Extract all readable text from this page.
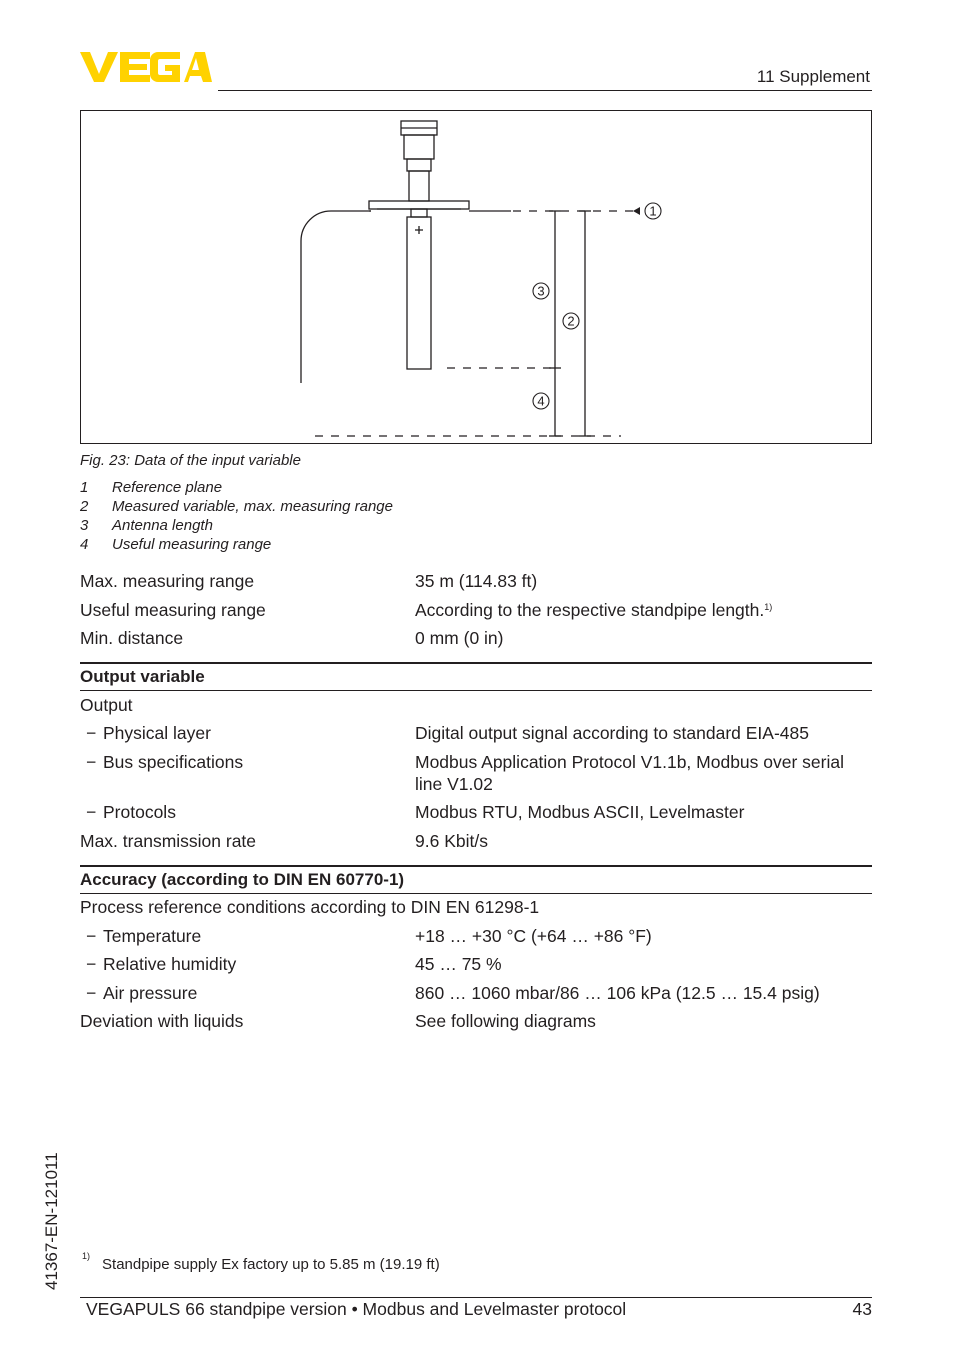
11 Supplement
1
2
3
4
Fig. 23: Data of the input variable
1	Reference plane
2	Measured variable, max. measuring range
3	Antenna length
4	Useful measuring range
Max. measuring range	35 m (114.83 ft)
Useful measuring range	According to the respective standpipe length.$^{1)}$
Min. distance	0 mm (0 in)
Output variable
Output
− Physical layer	Digital output signal according to standard EIA-485
− Bus specifications	Modbus Application Protocol V1.1b, Modbus over serial line V1.02
− Protocols	Modbus RTU, Modbus ASCII, Levelmaster
Max. transmission rate	9.6 Kbit/s
Accuracy (according to DIN EN 60770-1)
Process reference conditions according to DIN EN 61298-1
− Temperature	+18 … +30 °C (+64 … +86 °F)
− Relative humidity	45 … 75 %
− Air pressure	860 … 1060 mbar/86 … 106 kPa (12.5 … 15.4 psig)
Deviation with liquids	See following diagrams
$^{1)}$ Standpipe supply Ex factory up to 5.85 m (19.19 ft)
41367-EN-121011
VEGAPULS 66 standpipe version • Modbus and Levelmaster protocol	43
